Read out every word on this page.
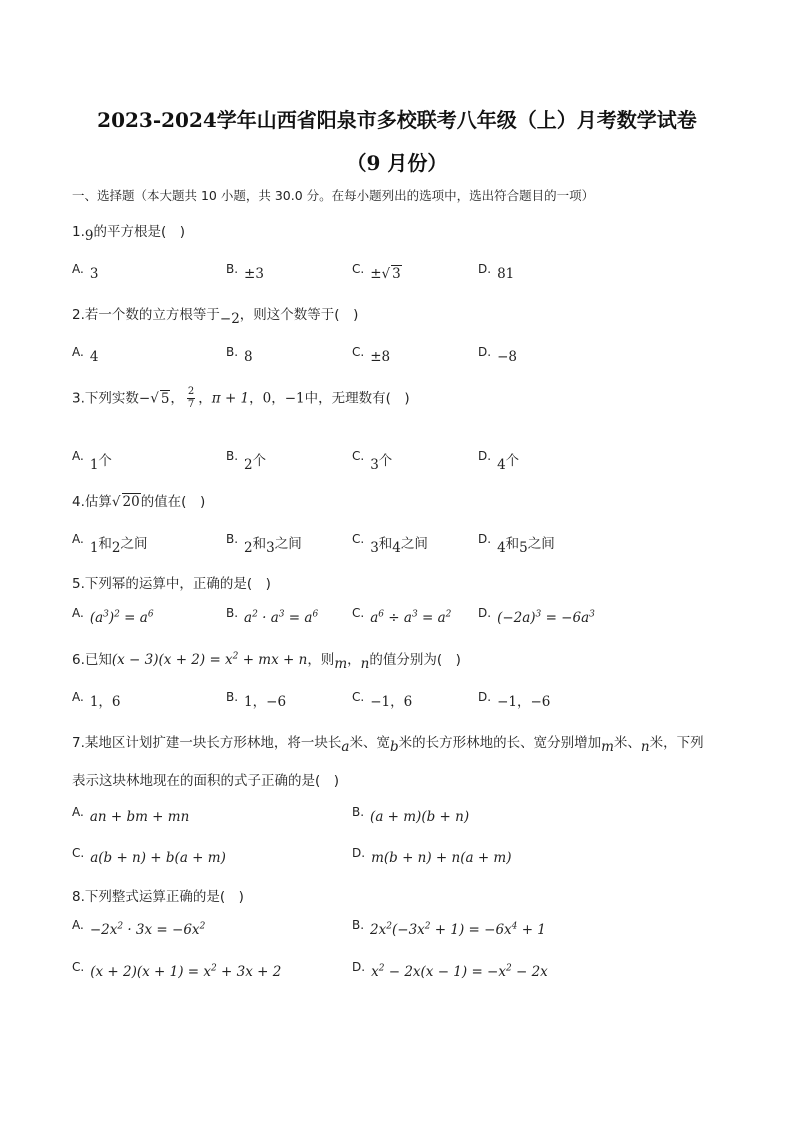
2023-2024学年山西省阳泉市多校联考八年级（上）月考数学试卷
（9 月份）
一、选择题（本大题共 10 小题，共 30.0 分。在每小题列出的选项中，选出符合题目的一项）
1.9的平方根是(　)
A. 3	B. ±3	C. ±√ 3	D. 81
2.若一个数的立方根等于−2，则这个数等于(　)
A. 4	B. 8	C. ±8	D. −8
3.下列实数−√ 5， $\frac{2}{7}$ ，π + 1，0，−1中，无理数有(　)
A.1个	B.2个	C.3个	D.4个
4.估算√ 20的值在(　)
A.1和2之间	B.2和3之间	C.3和4之间	D.4和5之间
5.下列幂的运算中，正确的是(　)
A. $(a^3)^2 = a^6$	B. $a^2 \cdot a^3 = a^6$	C. $a^6 \div a^3 = a^2$ D. $(-2a)^3 = -6a^3$
6.已知$(x - 3)(x + 2) = x^2$ + mx + n，则m，n的值分别为(　)
A. 1，6	B. 1，−6	C. −1，6	D. −1，−6
7.某地区计划扩建一块长方形林地，将一块长a米、宽b米的长方形林地的长、宽分别增加m米、n米，下列
表示这块林地现在的面积的式子正确的是(　)
A. an + bm + mn	B. (a + m)(b + n)
C. a(b + n) + b(a + m)	D. m(b + n) + n(a + m)
8.下列整式运算正确的是(　)
A. $-2x^2 \cdot 3x = -6x^2$	B. $2x^2(-3x^2 + 1) = -6x^4 + 1$
C. $(x + 2)(x + 1) = x^2 + 3x + 2$	D. $x^2 - 2x(x - 1) = -x^2 - 2x$
